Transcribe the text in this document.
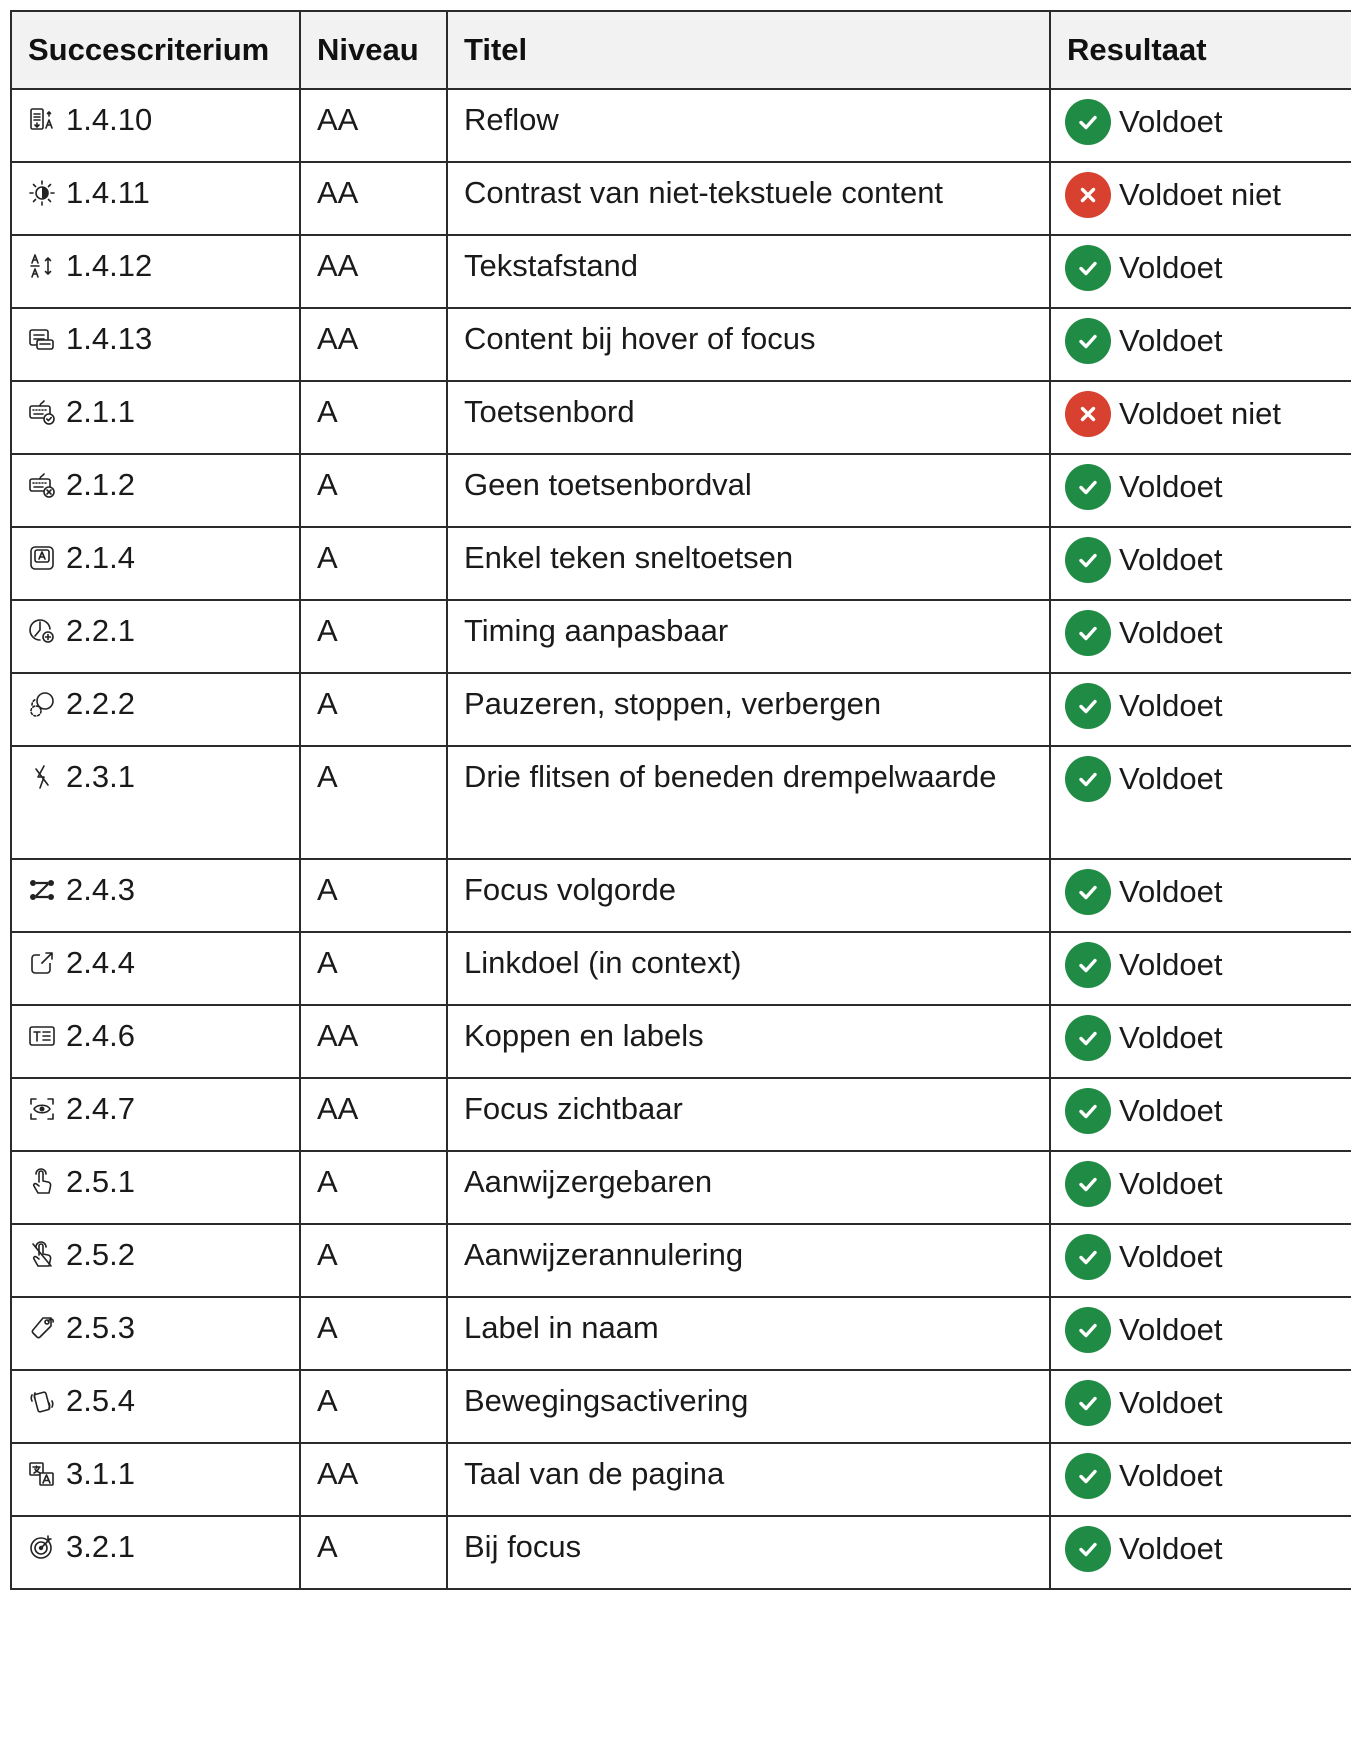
Succescriterium	Niveau	Titel	Resultaat

1.4.10	AA	Reflow	Voldoet

1.4.11	AA	Contrast van niet-tekstuele content	Voldoet niet

1.4.12	AA	Tekstafstand	Voldoet

1.4.13	AA	Content bij hover of focus	Voldoet

2.1.1	A	Toetsenbord	Voldoet niet

2.1.2	A	Geen toetsenbordval	Voldoet

2.1.4	A	Enkel teken sneltoetsen	Voldoet

2.2.1	A	Timing aanpasbaar	Voldoet

2.2.2	A	Pauzeren, stoppen, verbergen	Voldoet

2.3.1	A	Drie flitsen of beneden drempelwaarde	Voldoet

2.4.3	A	Focus volgorde	Voldoet

2.4.4	A	Linkdoel (in context)	Voldoet

2.4.6	AA	Koppen en labels	Voldoet

2.4.7	AA	Focus zichtbaar	Voldoet

2.5.1	A	Aanwijzergebaren	Voldoet

2.5.2	A	Aanwijzerannulering	Voldoet

2.5.3	A	Label in naam	Voldoet

2.5.4	A	Bewegingsactivering	Voldoet

3.1.1	AA	Taal van de pagina	Voldoet

3.2.1	A	Bij focus	Voldoet
